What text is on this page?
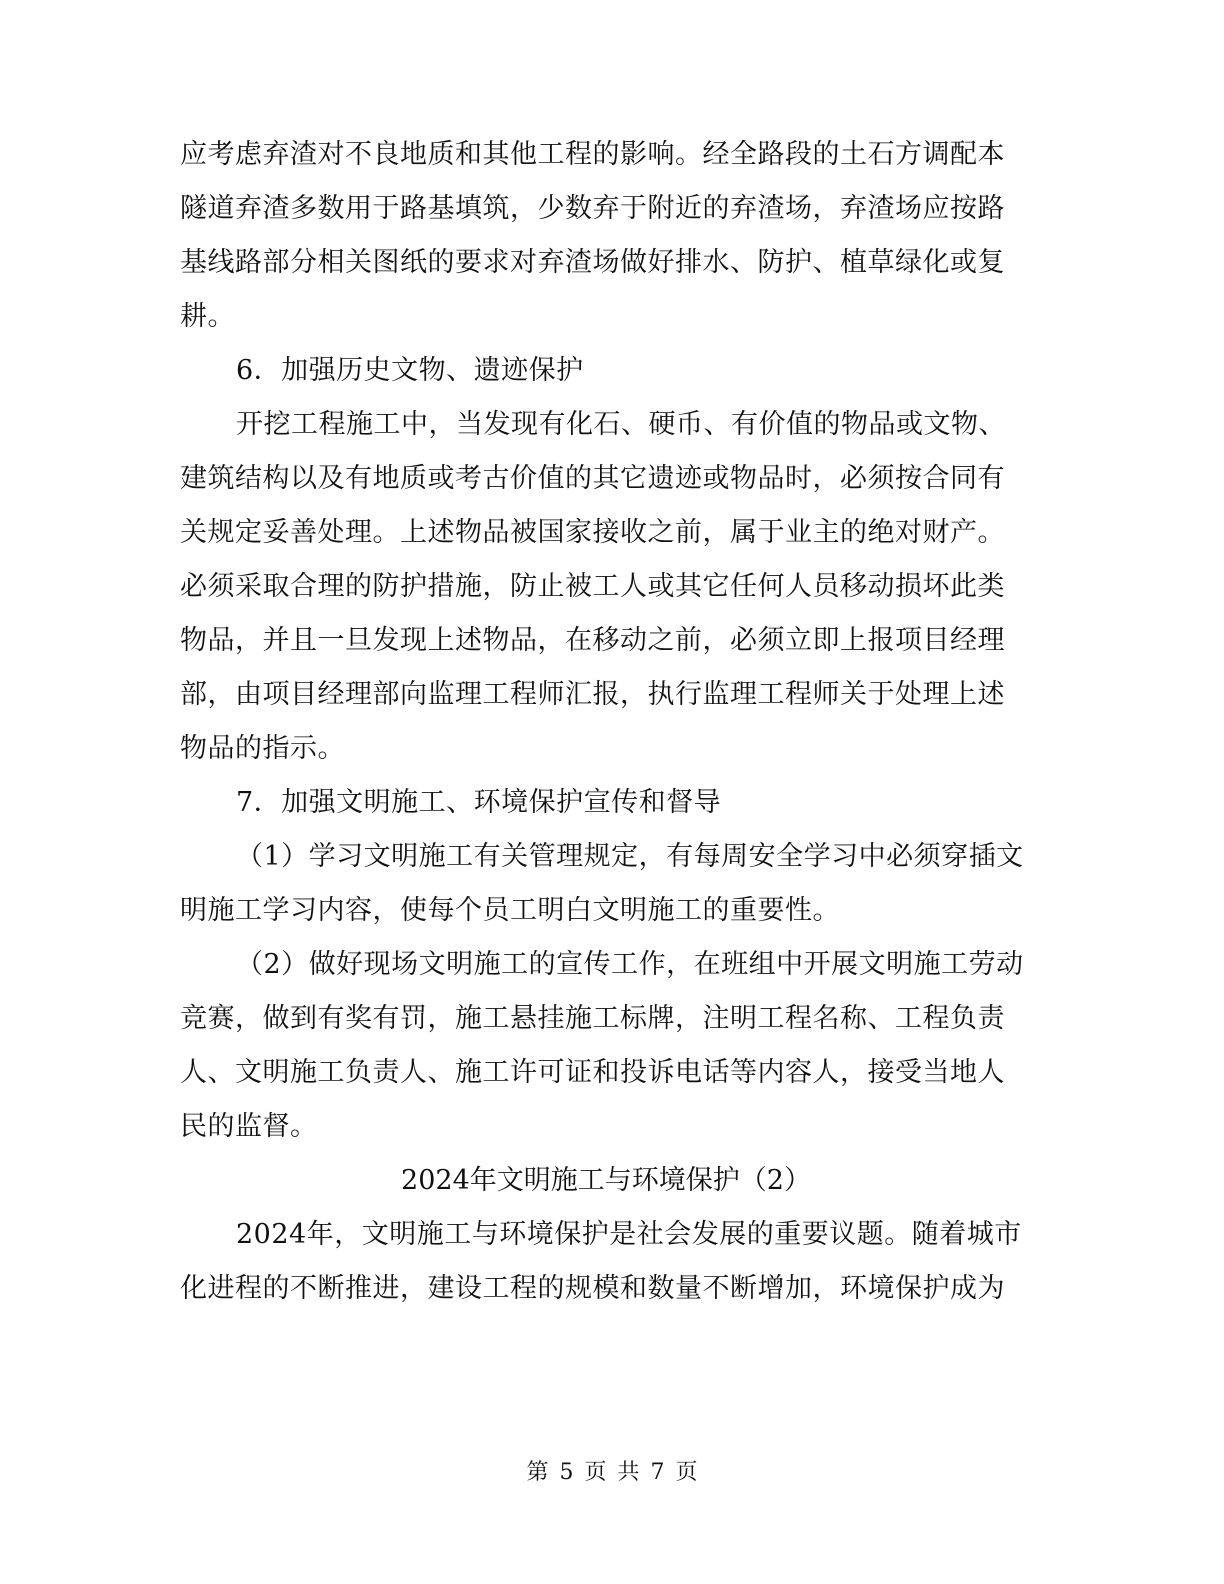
应考虑弃渣对不良地质和其他工程的影响。经全路段的土石方调配本
隧道弃渣多数用于路基填筑，少数弃于附近的弃渣场，弃渣场应按路
基线路部分相关图纸的要求对弃渣场做好排水、防护、植草绿化或复
耕。
6．加强历史文物、遗迹保护
开挖工程施工中，当发现有化石、硬币、有价值的物品或文物、
建筑结构以及有地质或考古价值的其它遗迹或物品时，必须按合同有
关规定妥善处理。上述物品被国家接收之前，属于业主的绝对财产。
必须采取合理的防护措施，防止被工人或其它任何人员移动损坏此类
物品，并且一旦发现上述物品，在移动之前，必须立即上报项目经理
部，由项目经理部向监理工程师汇报，执行监理工程师关于处理上述
物品的指示。
7．加强文明施工、环境保护宣传和督导
（1）学习文明施工有关管理规定，有每周安全学习中必须穿插文
明施工学习内容，使每个员工明白文明施工的重要性。
（2）做好现场文明施工的宣传工作，在班组中开展文明施工劳动
竞赛，做到有奖有罚，施工悬挂施工标牌，注明工程名称、工程负责
人、文明施工负责人、施工许可证和投诉电话等内容人，接受当地人
民的监督。
2024年文明施工与环境保护（2）
2024年，文明施工与环境保护是社会发展的重要议题。随着城市
化进程的不断推进，建设工程的规模和数量不断增加，环境保护成为
第 5 页 共 7 页
